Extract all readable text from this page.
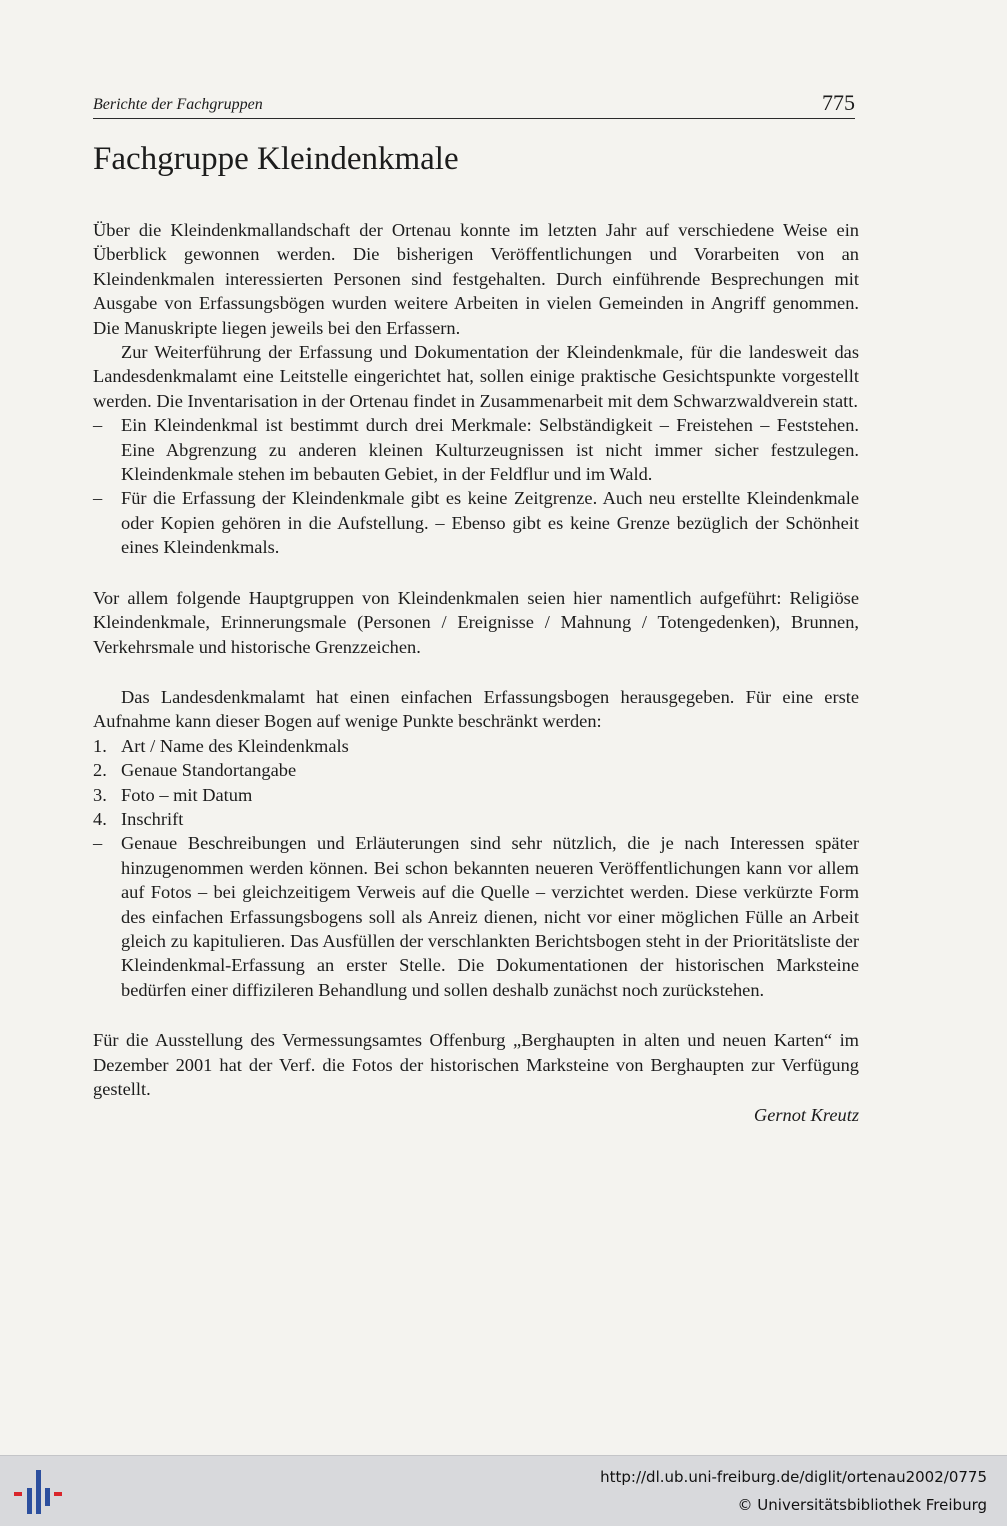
Berichte der Fachgruppen	775
Fachgruppe Kleindenkmale

Über die Kleindenkmallandschaft der Ortenau konnte im letzten Jahr auf verschiedene Weise ein Überblick gewonnen werden. Die bisherigen Veröffentlichungen und Vorarbeiten von an Kleindenkmalen interessierten Personen sind festgehalten. Durch einführende Besprechungen mit Ausgabe von Erfassungsbögen wurden weitere Arbeiten in vielen Gemeinden in Angriff genommen. Die Manuskripte liegen jeweils bei den Erfassern.

Zur Weiterführung der Erfassung und Dokumentation der Kleindenkmale, für die landesweit das Landesdenkmalamt eine Leitstelle eingerichtet hat, sollen einige praktische Gesichtspunkte vorgestellt werden. Die Inventarisation in der Ortenau findet in Zusammenarbeit mit dem Schwarzwaldverein statt.

– Ein Kleindenkmal ist bestimmt durch drei Merkmale: Selbständigkeit – Freistehen – Feststehen. Eine Abgrenzung zu anderen kleinen Kulturzeugnissen ist nicht immer sicher festzulegen. Kleindenkmale stehen im bebauten Gebiet, in der Feldflur und im Wald.
– Für die Erfassung der Kleindenkmale gibt es keine Zeitgrenze. Auch neu erstellte Kleindenkmale oder Kopien gehören in die Aufstellung. – Ebenso gibt es keine Grenze bezüglich der Schönheit eines Kleindenkmals.

Vor allem folgende Hauptgruppen von Kleindenkmalen seien hier namentlich aufgeführt: Religiöse Kleindenkmale, Erinnerungsmale (Personen / Ereignisse / Mahnung / Totengedenken), Brunnen, Verkehrsmale und historische Grenzzeichen.

Das Landesdenkmalamt hat einen einfachen Erfassungsbogen herausgegeben. Für eine erste Aufnahme kann dieser Bogen auf wenige Punkte beschränkt werden:

1. Art / Name des Kleindenkmals
2. Genaue Standortangabe
3. Foto – mit Datum
4. Inschrift
– Genaue Beschreibungen und Erläuterungen sind sehr nützlich, die je nach Interessen später hinzugenommen werden können. Bei schon bekannten neueren Veröffentlichungen kann vor allem auf Fotos – bei gleichzeitigem Verweis auf die Quelle – verzichtet werden. Diese verkürzte Form des einfachen Erfassungsbogens soll als Anreiz dienen, nicht vor einer möglichen Fülle an Arbeit gleich zu kapitulieren. Das Ausfüllen der verschlankten Berichtsbogen steht in der Prioritätsliste der Kleindenkmal-Erfassung an erster Stelle. Die Dokumentationen der historischen Marksteine bedürfen einer diffizileren Behandlung und sollen deshalb zunächst noch zurückstehen.

Für die Ausstellung des Vermessungsamtes Offenburg „Berghaupten in alten und neuen Karten“ im Dezember 2001 hat der Verf. die Fotos der historischen Marksteine von Berghaupten zur Verfügung gestellt.

Gernot Kreutz

http://dl.ub.uni-freiburg.de/diglit/ortenau2002/0775
© Universitätsbibliothek Freiburg
